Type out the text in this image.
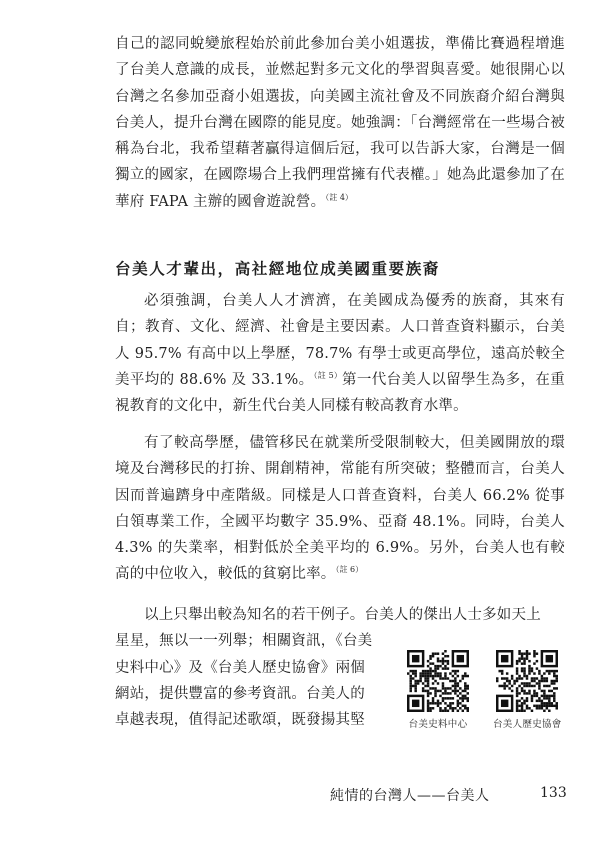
自己的認同蛻變旅程始於前此參加台美小姐選拔，準備比賽過程增進了台美人意識的成長，並燃起對多元文化的學習與喜愛。她很開心以台灣之名參加亞裔小姐選拔，向美國主流社會及不同族裔介紹台灣與台美人，提升台灣在國際的能見度。她強調：「台灣經常在一些場合被稱為台北，我希望藉著贏得這個后冠，我可以告訴大家，台灣是一個獨立的國家，在國際場合上我們理當擁有代表權。」她為此還參加了在華府 FAPA 主辦的國會遊說營。$^{(註 4)}$

台美人才輩出，高社經地位成美國重要族裔

必須強調，台美人人才濟濟，在美國成為優秀的族裔，其來有自；教育、文化、經濟、社會是主要因素。人口普查資料顯示，台美人 95.7% 有高中以上學歷，78.7% 有學士或更高學位，遠高於較全美平均的 88.6% 及 33.1%。$^{(註 5)}$第一代台美人以留學生為多，在重視教育的文化中，新生代台美人同樣有較高教育水準。

有了較高學歷，儘管移民在就業所受限制較大，但美國開放的環境及台灣移民的打拚、開創精神，常能有所突破；整體而言，台美人因而普遍躋身中產階級。同樣是人口普查資料，台美人 66.2% 從事白領專業工作，全國平均數字 35.9%、亞裔 48.1%。同時，台美人 4.3% 的失業率，相對低於全美平均的 6.9%。另外，台美人也有較高的中位收入，較低的貧窮比率。$^{(註 6)}$

以上只舉出較為知名的若干例子。台美人的傑出人士多如天上
星星，無以一一列舉；相關資訊，《台美
史料中心》及《台美人歷史協會》兩個
網站，提供豐富的參考資訊。台美人的
卓越表現，值得記述歌頌，既發揚其堅	台美史料中心	台美人歷史協會
純情的台灣人——台美人	133
